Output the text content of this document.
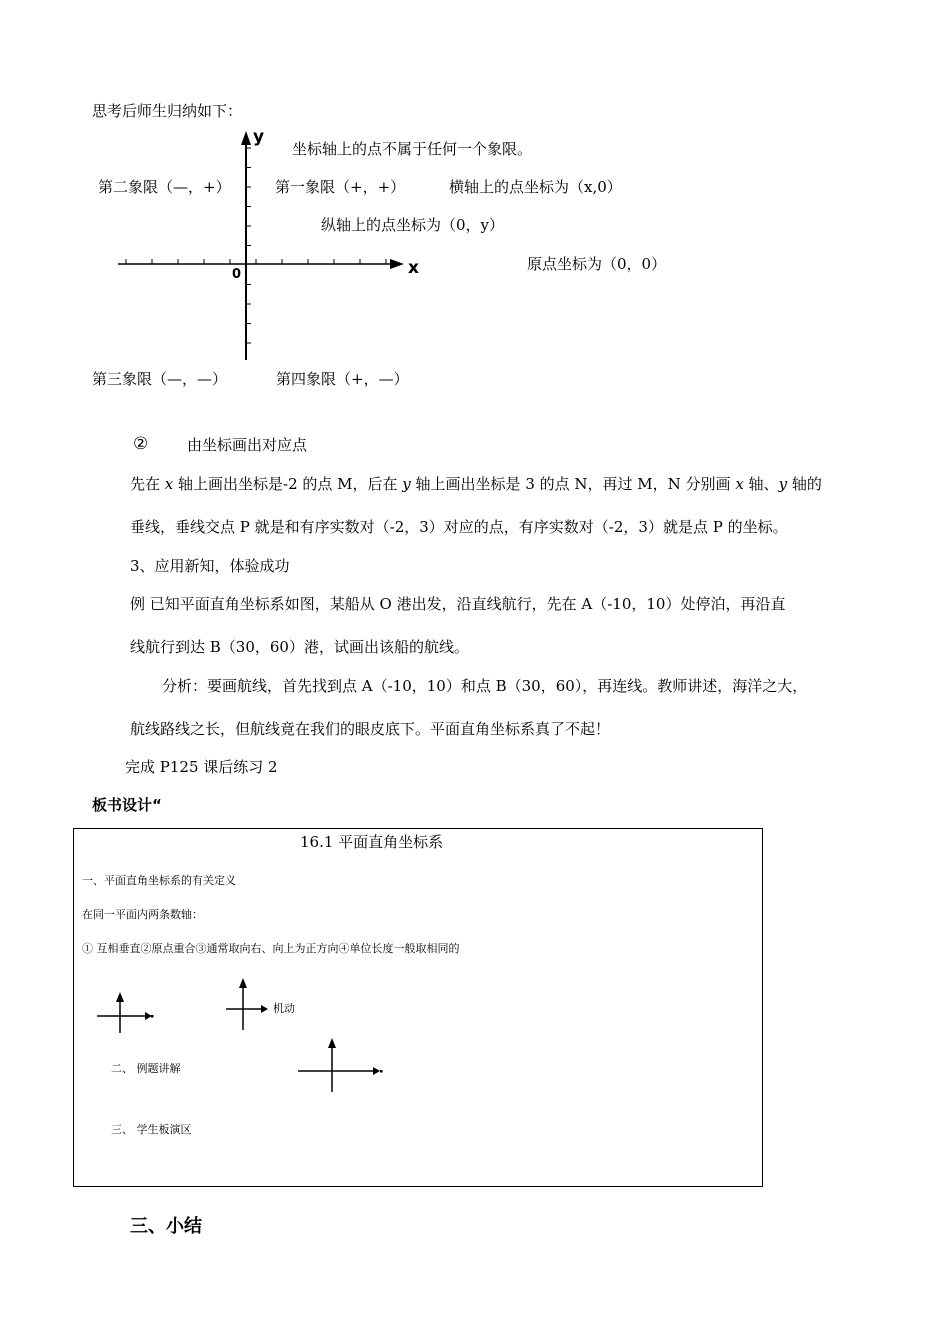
思考后师生归纳如下：
y
x
0
坐标轴上的点不属于任何一个象限。
第二象限（—，+）	第一象限（+，+）	横轴上的点坐标为（x,0）
纵轴上的点坐标为（0，y）
原点坐标为（0，0）
第三象限（—，—）	第四象限（+，—）
②	由坐标画出对应点
先在 x 轴上画出坐标是-2 的点 M，后在 y 轴上画出坐标是 3 的点 N，再过 M，N 分别画 x 轴、y 轴的
垂线，垂线交点 P 就是和有序实数对（-2，3）对应的点，有序实数对（-2，3）就是点 P 的坐标。
3、应用新知，体验成功
例 已知平面直角坐标系如图，某船从 O 港出发，沿直线航行，先在 A（-10，10）处停泊，再沿直
线航行到达 B（30，60）港，试画出该船的航线。
分析：要画航线，首先找到点 A（-10，10）和点 B（30，60），再连线。教师讲述，海洋之大，
航线路线之长，但航线竟在我们的眼皮底下。平面直角坐标系真了不起！
完成 P125 课后练习 2
板书设计“
16.1 平面直角坐标系
一、平面直角坐标系的有关定义
在同一平面内两条数轴：
① 互相垂直②原点重合③通常取向右、向上为正方向④单位长度一般取相同的
机动
二、 例题讲解
三、 学生板演区
三、小结
